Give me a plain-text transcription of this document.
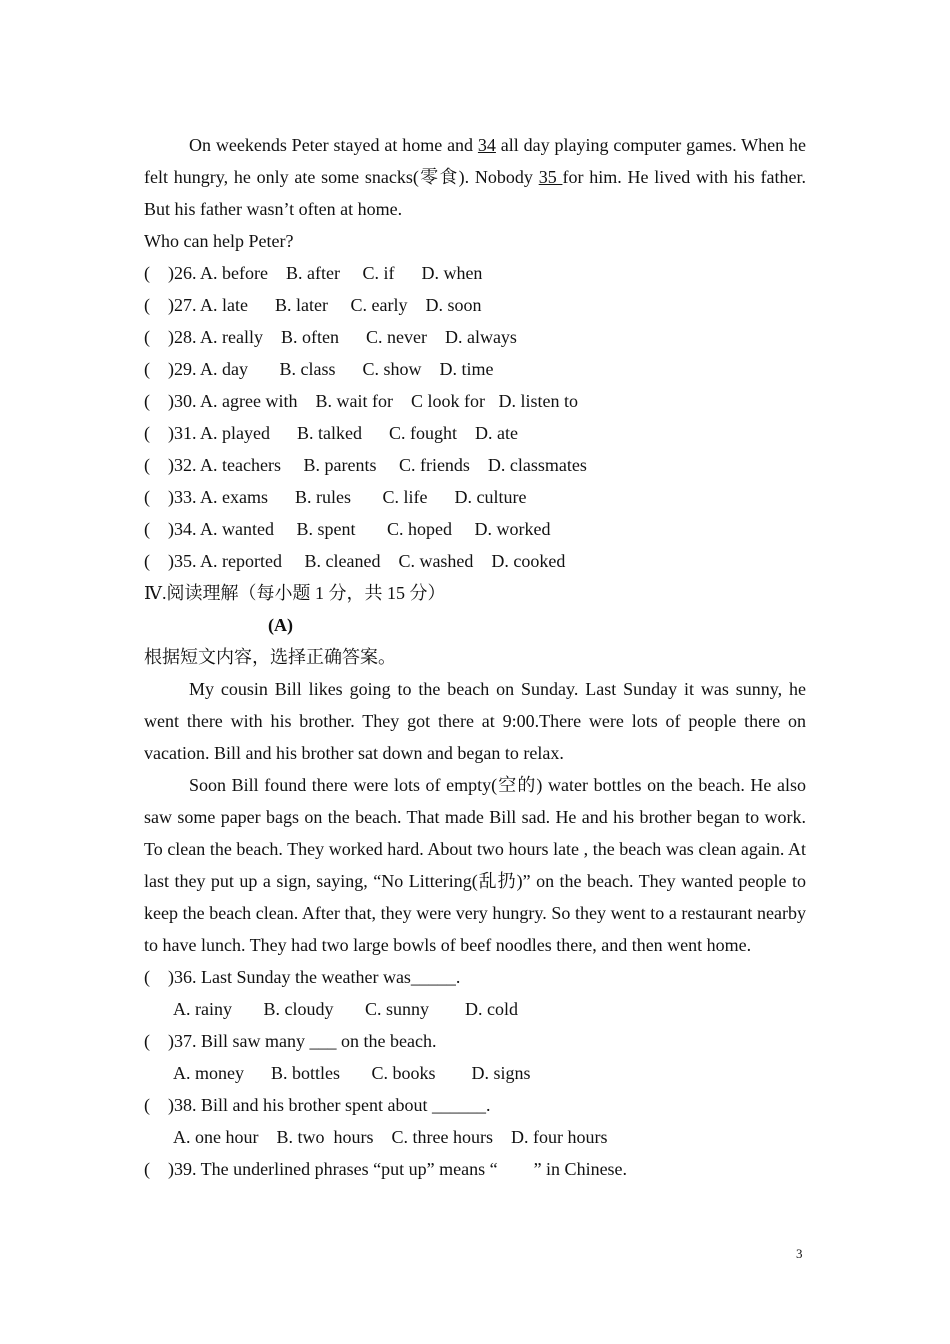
On weekends Peter stayed at home and 34 all day playing computer games. When he felt hungry, he only ate some snacks(零食). Nobody 35 for him. He lived with his father. But his father wasn’t often at home.

Who can help Peter?

(    )26. A. before    B. after     C. if      D. when

(    )27. A. late      B. later     C. early    D. soon

(    )28. A. really    B. often      C. never    D. always

(    )29. A. day       B. class      C. show    D. time

(    )30. A. agree with    B. wait for    C look for   D. listen to

(    )31. A. played      B. talked      C. fought    D. ate

(    )32. A. teachers     B. parents     C. friends    D. classmates

(    )33. A. exams      B. rules       C. life      D. culture

(    )34. A. wanted     B. spent       C. hoped     D. worked

(    )35. A. reported     B. cleaned    C. washed    D. cooked

Ⅳ.阅读理解（每小题 1 分，共 15 分）

(A)

根据短文内容，选择正确答案。

My cousin Bill likes going to the beach on Sunday. Last Sunday it was sunny, he went there with his brother. They got there at 9:00.There were lots of people there on vacation. Bill and his brother sat down and began to relax.

Soon Bill found there were lots of empty(空的) water bottles on the beach. He also saw some paper bags on the beach. That made Bill sad. He and his brother began to work. To clean the beach. They worked hard. About two hours late , the beach was clean again. At last they put up a sign, saying, “No Littering(乱扔)” on the beach. They wanted people to keep the beach clean. After that, they were very hungry. So they went to a restaurant nearby to have lunch. They had two large bowls of beef noodles there, and then went home.

(    )36. Last Sunday the weather was_____.

A. rainy       B. cloudy       C. sunny        D. cold

(    )37. Bill saw many ___ on the beach.

A. money      B. bottles       C. books        D. signs

(    )38. Bill and his brother spent about ______.

A. one hour    B. two  hours    C. three hours    D. four hours

(    )39. The underlined phrases “put up” means “        ” in Chinese.

3
